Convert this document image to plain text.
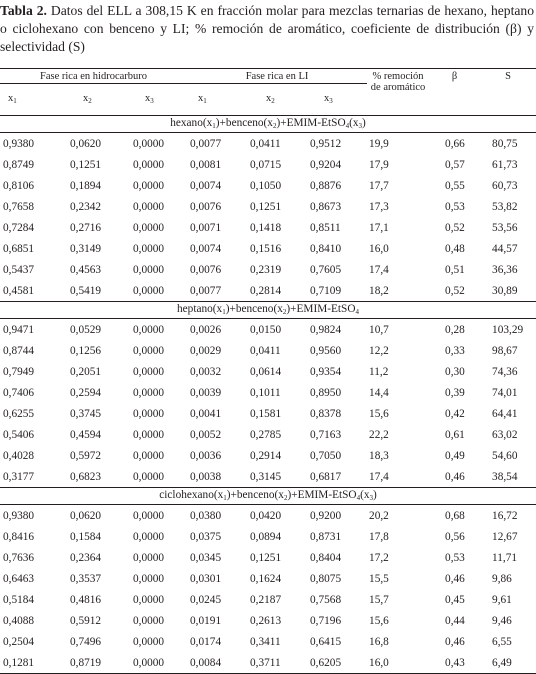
Tabla 2. Datos del ELL a 308,15 K en fracción molar para mezclas ternarias de hexano, heptano o ciclohexano con benceno y LI; % remoción de aromático, coeficiente de distribución (β) y selectividad (S)
Fase rica en hidrocarburo			Fase rica en LI			% remoción de aromático	β	S
$x_1$	$x_2$	$x_3$	$x_1$	$x_2$	$x_3$
$hexano(x_1)+benceno(x_2)+EMIM-EtSO_4(x_3)$								
0,9380	0,0620	0,0000	0,0077	0,0411	0,9512	19,9	0,66	80,75
0,8749	0,1251	0,0000	0,0081	0,0715	0,9204	17,9	0,57	61,73
0,8106	0,1894	0,0000	0,0074	0,1050	0,8876	17,7	0,55	60,73
0,7658	0,2342	0,0000	0,0076	0,1251	0,8673	17,3	0,53	53,82
0,7284	0,2716	0,0000	0,0071	0,1418	0,8511	17,1	0,52	53,56
0,6851	0,3149	0,0000	0,0074	0,1516	0,8410	16,0	0,48	44,57
0,5437	0,4563	0,0000	0,0076	0,2319	0,7605	17,4	0,51	36,36
0,4581	0,5419	0,0000	0,0077	0,2814	0,7109	18,2	0,52	30,89
$heptano(x_1)+benceno(x_2)+EMIM-EtSO_4$
0,9471	0,0529	0,0000	0,0026	0,0150	0,9824	10,7	0,28	103,29
0,8744	0,1256	0,0000	0,0029	0,0411	0,9560	12,2	0,33	98,67
0,7949	0,2051	0,0000	0,0032	0,0614	0,9354	11,2	0,30	74,36
0,7406	0,2594	0,0000	0,0039	0,1011	0,8950	14,4	0,39	74,01
0,6255	0,3745	0,0000	0,0041	0,1581	0,8378	15,6	0,42	64,41
0,5406	0,4594	0,0000	0,0052	0,2785	0,7163	22,2	0,61	63,02
0,4028	0,5972	0,0000	0,0036	0,2914	0,7050	18,3	0,49	54,60
0,3177	0,6823	0,0000	0,0038	0,3145	0,6817	17,4	0,46	38,54
$ciclohexano(x_1)+benceno(x_2)+EMIM-EtSO_4(x_3)$								
0,9380	0,0620	0,0000	0,0380	0,0420	0,9200	20,2	0,68	16,72
0,8416	0,1584	0,0000	0,0375	0,0894	0,8731	17,8	0,56	12,67
0,7636	0,2364	0,0000	0,0345	0,1251	0,8404	17,2	0,53	11,71
0,6463	0,3537	0,0000	0,0301	0,1624	0,8075	15,5	0,46	9,86
0,5184	0,4816	0,0000	0,0245	0,2187	0,7568	15,7	0,45	9,61
0,4088	0,5912	0,0000	0,0191	0,2613	0,7196	15,6	0,44	9,46
0,2504	0,7496	0,0000	0,0174	0,3411	0,6415	16,8	0,46	6,55
0,1281	0,8719	0,0000	0,0084	0,3711	0,6205	16,0	0,43	6,49
